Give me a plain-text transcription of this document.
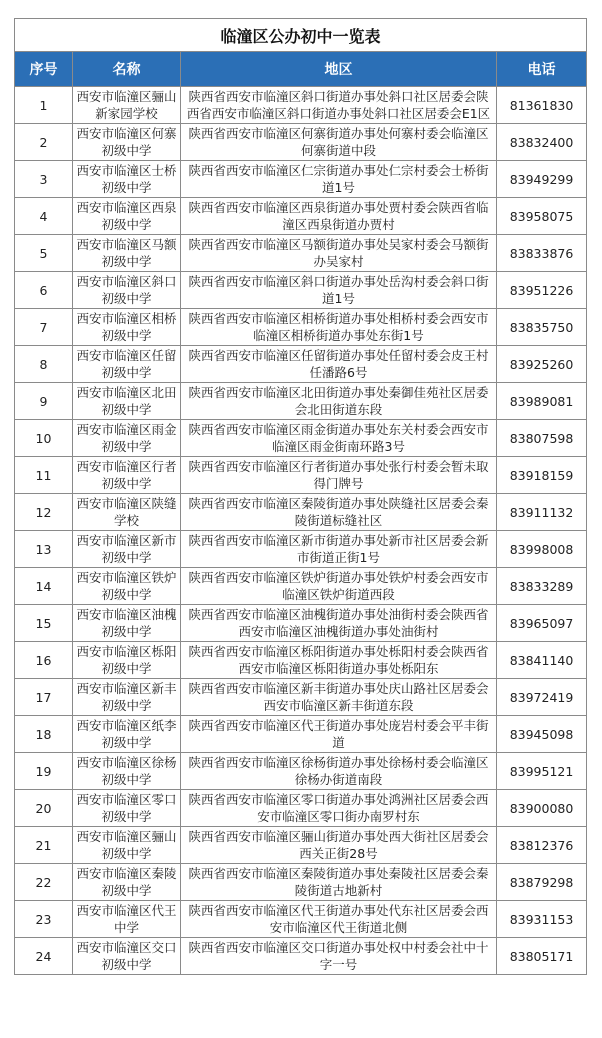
临潼区公办初中一览表			
序号	名称	地区	电话
1	西安市临潼区骊山新家园学校	陕西省西安市临潼区斜口街道办事处斜口社区居委会陕西省西安市临潼区斜口街道办事处斜口社区居委会E1区	81361830
2	西安市临潼区何寨初级中学	陕西省西安市临潼区何寨街道办事处何寨村委会临潼区何寨街道中段	83832400
3	西安市临潼区士桥初级中学	陕西省西安市临潼区仁宗街道办事处仁宗村委会士桥街道1号	83949299
4	西安市临潼区西泉初级中学	陕西省西安市临潼区西泉街道办事处贾村委会陕西省临潼区西泉街道办贾村	83958075
5	西安市临潼区马额初级中学	陕西省西安市临潼区马额街道办事处吴家村委会马额街办吴家村	83833876
6	西安市临潼区斜口初级中学	陕西省西安市临潼区斜口街道办事处岳沟村委会斜口街道1号	83951226
7	西安市临潼区相桥初级中学	陕西省西安市临潼区相桥街道办事处相桥村委会西安市临潼区相桥街道办事处东街1号	83835750
8	西安市临潼区任留初级中学	陕西省西安市临潼区任留街道办事处任留村委会皮王村任潘路6号	83925260
9	西安市临潼区北田初级中学	陕西省西安市临潼区北田街道办事处秦御佳苑社区居委会北田街道东段	83989081
10	西安市临潼区雨金初级中学	陕西省西安市临潼区雨金街道办事处东关村委会西安市临潼区雨金街南环路3号	83807598
11	西安市临潼区行者初级中学	陕西省西安市临潼区行者街道办事处张行村委会暂未取得门牌号	83918159
12	西安市临潼区陕缝学校	陕西省西安市临潼区秦陵街道办事处陕缝社区居委会秦陵街道标缝社区	83911132
13	西安市临潼区新市初级中学	陕西省西安市临潼区新市街道办事处新市社区居委会新市街道正街1号	83998008
14	西安市临潼区铁炉初级中学	陕西省西安市临潼区铁炉街道办事处铁炉村委会西安市临潼区铁炉街道西段	83833289
15	西安市临潼区油槐初级中学	陕西省西安市临潼区油槐街道办事处油街村委会陕西省西安市临潼区油槐街道办事处油街村	83965097
16	西安市临潼区栎阳初级中学	陕西省西安市临潼区栎阳街道办事处栎阳村委会陕西省西安市临潼区栎阳街道办事处栎阳东	83841140
17	西安市临潼区新丰初级中学	陕西省西安市临潼区新丰街道办事处庆山路社区居委会西安市临潼区新丰街道东段	83972419
18	西安市临潼区纸李初级中学	陕西省西安市临潼区代王街道办事处庞岩村委会平丰街道	83945098
19	西安市临潼区徐杨初级中学	陕西省西安市临潼区徐杨街道办事处徐杨村委会临潼区徐杨办街道南段	83995121
20	西安市临潼区零口初级中学	陕西省西安市临潼区零口街道办事处鸿洲社区居委会西安市临潼区零口街办南罗村东	83900080
21	西安市临潼区骊山初级中学	陕西省西安市临潼区骊山街道办事处西大街社区居委会西关正街28号	83812376
22	西安市临潼区秦陵初级中学	陕西省西安市临潼区秦陵街道办事处秦陵社区居委会秦陵街道古地新村	83879298
23	西安市临潼区代王中学	陕西省西安市临潼区代王街道办事处代东社区居委会西安市临潼区代王街道北侧	83931153
24	西安市临潼区交口初级中学	陕西省西安市临潼区交口街道办事处权中村委会社中十字一号	83805171
